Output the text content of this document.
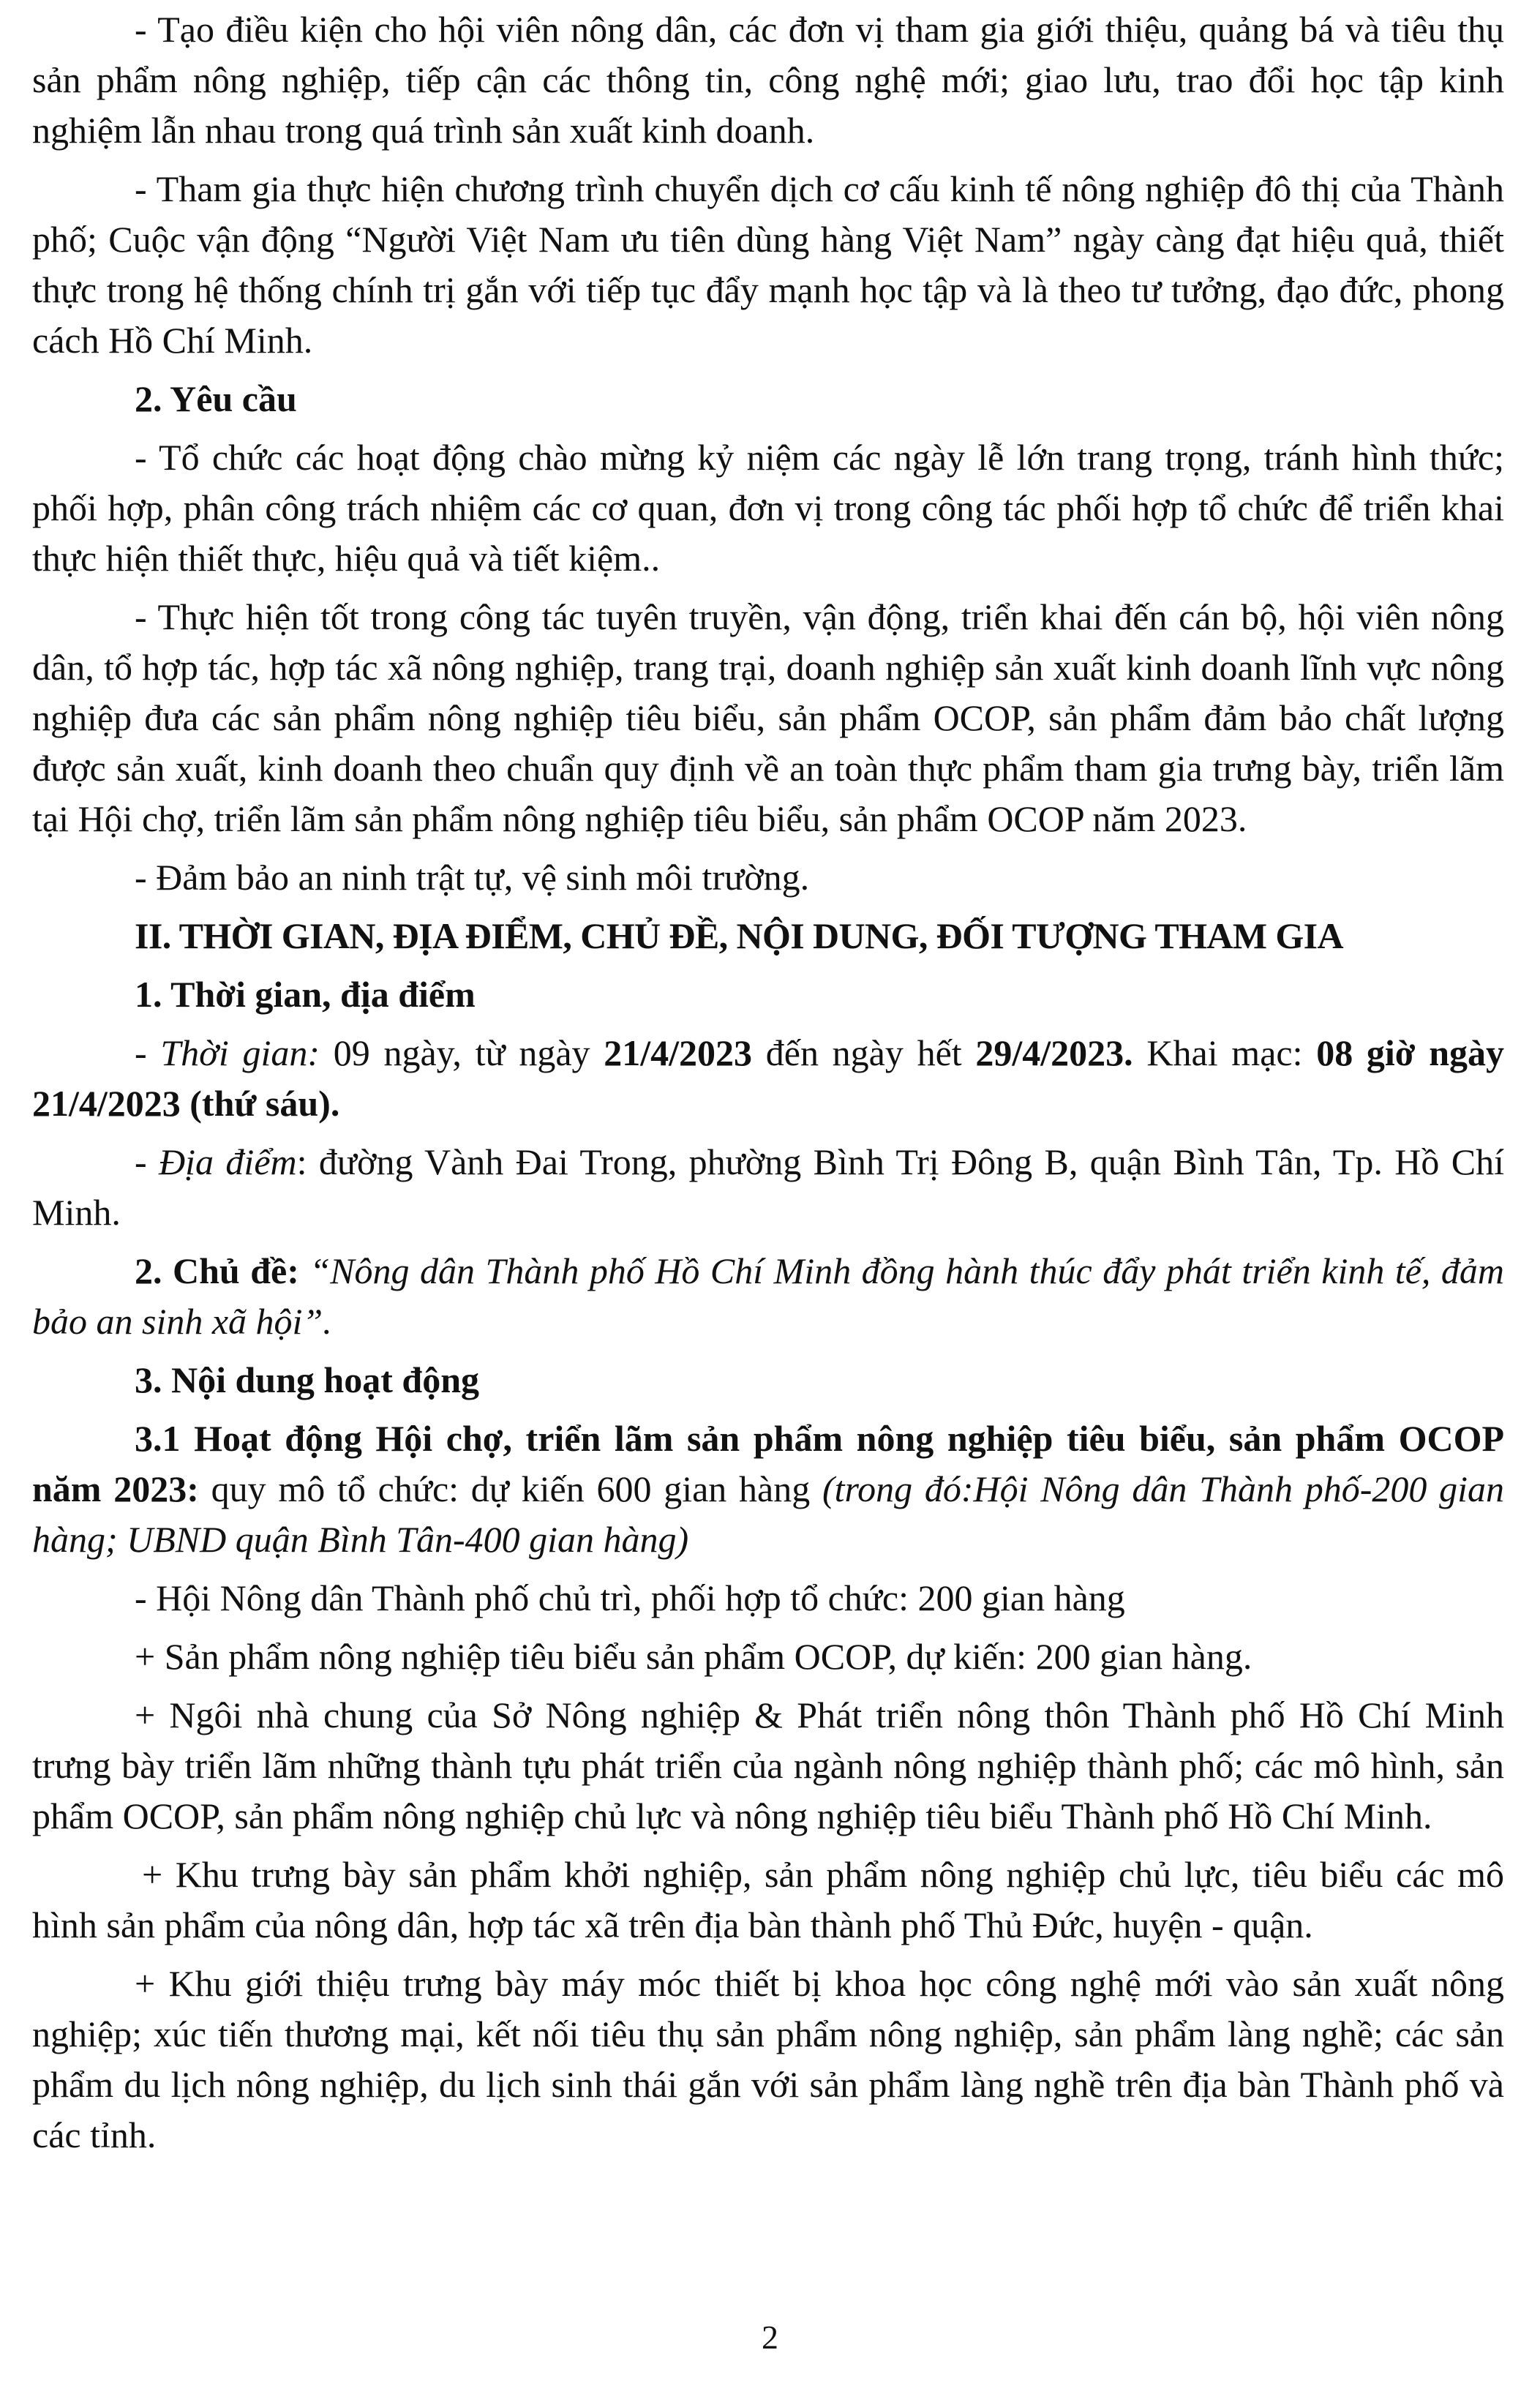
- Tạo điều kiện cho hội viên nông dân, các đơn vị tham gia giới thiệu, quảng bá và tiêu thụ sản phẩm nông nghiệp, tiếp cận các thông tin, công nghệ mới; giao lưu, trao đổi học tập kinh nghiệm lẫn nhau trong quá trình sản xuất kinh doanh.

- Tham gia thực hiện chương trình chuyển dịch cơ cấu kinh tế nông nghiệp đô thị của Thành phố; Cuộc vận động “Người Việt Nam ưu tiên dùng hàng Việt Nam” ngày càng đạt hiệu quả, thiết thực trong hệ thống chính trị gắn với tiếp tục đẩy mạnh học tập và là theo tư tưởng, đạo đức, phong cách Hồ Chí Minh.

2. Yêu cầu

- Tổ chức các hoạt động chào mừng kỷ niệm các ngày lễ lớn trang trọng, tránh hình thức; phối hợp, phân công trách nhiệm các cơ quan, đơn vị trong công tác phối hợp tổ chức để triển khai thực hiện thiết thực, hiệu quả và tiết kiệm..

- Thực hiện tốt trong công tác tuyên truyền, vận động, triển khai đến cán bộ, hội viên nông dân, tổ hợp tác, hợp tác xã nông nghiệp, trang trại, doanh nghiệp sản xuất kinh doanh lĩnh vực nông nghiệp đưa các sản phẩm nông nghiệp tiêu biểu, sản phẩm OCOP, sản phẩm đảm bảo chất lượng được sản xuất, kinh doanh theo chuẩn quy định về an toàn thực phẩm tham gia trưng bày, triển lãm tại Hội chợ, triển lãm sản phẩm nông nghiệp tiêu biểu, sản phẩm OCOP năm 2023.

- Đảm bảo an ninh trật tự, vệ sinh môi trường.

II. THỜI GIAN, ĐỊA ĐIỂM, CHỦ ĐỀ, NỘI DUNG, ĐỐI TƯỢNG THAM GIA

1. Thời gian, địa điểm

- Thời gian: 09 ngày, từ ngày 21/4/2023 đến ngày hết 29/4/2023. Khai mạc: 08 giờ ngày 21/4/2023 (thứ sáu).

- Địa điểm: đường Vành Đai Trong, phường Bình Trị Đông B, quận Bình Tân, Tp. Hồ Chí Minh.

2. Chủ đề: “Nông dân Thành phố Hồ Chí Minh đồng hành thúc đẩy phát triển kinh tế, đảm bảo an sinh xã hội”.

3. Nội dung hoạt động

3.1 Hoạt động Hội chợ, triển lãm sản phẩm nông nghiệp tiêu biểu, sản phẩm OCOP năm 2023: quy mô tổ chức: dự kiến 600 gian hàng (trong đó:Hội Nông dân Thành phố-200 gian hàng; UBND quận Bình Tân-400 gian hàng)

- Hội Nông dân Thành phố chủ trì, phối hợp tổ chức: 200 gian hàng

+ Sản phẩm nông nghiệp tiêu biểu sản phẩm OCOP, dự kiến: 200 gian hàng.

+ Ngôi nhà chung của Sở Nông nghiệp & Phát triển nông thôn Thành phố Hồ Chí Minh trưng bày triển lãm những thành tựu phát triển của ngành nông nghiệp thành phố; các mô hình, sản phẩm OCOP, sản phẩm nông nghiệp chủ lực và nông nghiệp tiêu biểu Thành phố Hồ Chí Minh.

+ Khu trưng bày sản phẩm khởi nghiệp, sản phẩm nông nghiệp chủ lực, tiêu biểu các mô hình sản phẩm của nông dân, hợp tác xã trên địa bàn thành phố Thủ Đức, huyện - quận.

+ Khu giới thiệu trưng bày máy móc thiết bị khoa học công nghệ mới vào sản xuất nông nghiệp; xúc tiến thương mại, kết nối tiêu thụ sản phẩm nông nghiệp, sản phẩm làng nghề; các sản phẩm du lịch nông nghiệp, du lịch sinh thái gắn với sản phẩm làng nghề trên địa bàn Thành phố và các tỉnh.

2
